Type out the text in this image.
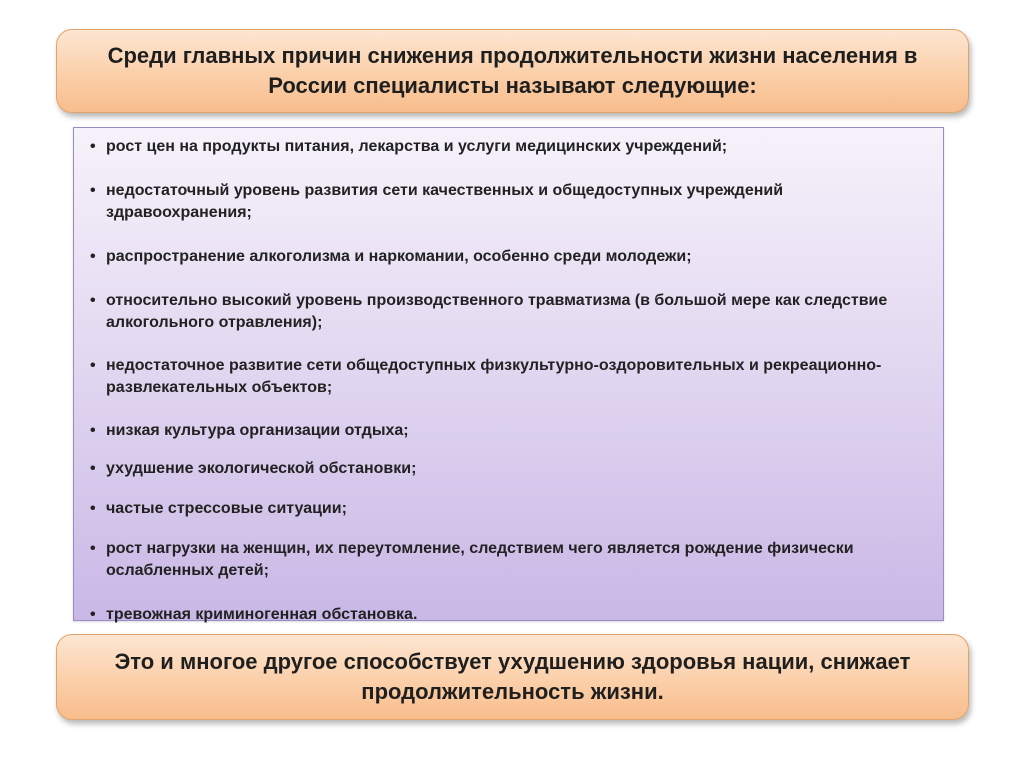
Среди главных причин снижения продолжительности жизни населения в России специалисты называют следующие:
• рост цен на продукты питания, лекарства и услуги медицинских учреждений;
• недостаточный уровень развития сети качественных и общедоступных учреждений здравоохранения;
• распространение алкоголизма и наркомании, особенно среди молодежи;
• относительно высокий уровень производственного травматизма (в большой мере как следствие алкогольного отравления);
• недостаточное развитие сети общедоступных физкультурно-оздоровительных и рекреационно-развлекательных объектов;
• низкая культура организации отдыха;
• ухудшение экологической обстановки;
• частые стрессовые ситуации;
• рост нагрузки на женщин, их переутомление, следствием чего является рождение физически ослабленных детей;
• тревожная криминогенная обстановка.
Это и многое другое способствует ухудшению здоровья нации, снижает продолжительность жизни.
